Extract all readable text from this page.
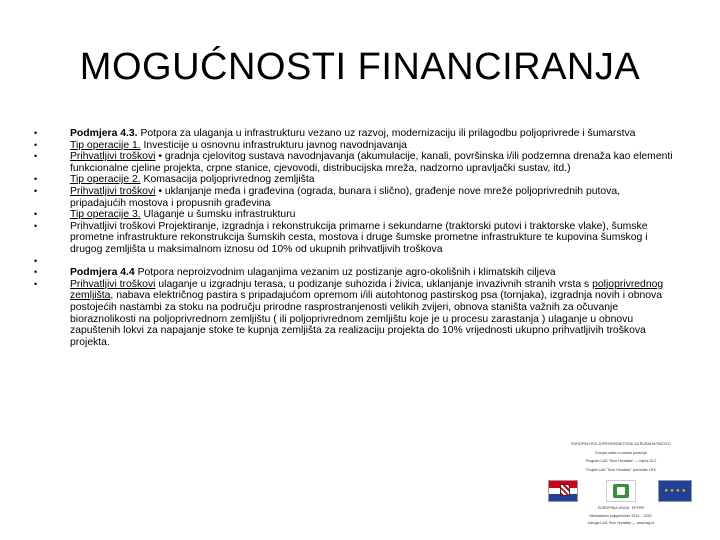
MOGUĆNOSTI FINANCIRANJA
•	Podmjera 4.3. Potpora za ulaganja u infrastrukturu vezano uz razvoj, modernizaciju ili prilagodbu poljoprivrede i šumarstva
•	Tip operacije 1. Investicije u osnovnu infrastrukturu javnog navodnjavanja
•	Prihvatljivi troškovi • gradnja cjelovitog sustava navodnjavanja (akumulacije, kanali, površinska i/ili podzemna drenaža kao elementi funkcionalne cjeline projekta, crpne stanice, cjevovodi, distribucijska mreža, nadzorno upravljački sustav, itd.)
•	Tip operacije 2. Komasacija poljoprivrednog zemljišta
•	Prihvatljivi troškovi • uklanjanje međa i građevina (ograda, bunara i slično), građenje nove mreže poljoprivrednih putova, pripadajućih mostova i propusnih građevina
•	Tip operacije 3. Ulaganje u šumsku infrastrukturu
•	Prihvatljivi troškovi Projektiranje, izgradnja i rekonstrukcija primarne i sekundarne (traktorski putovi i traktorske vlake), šumske prometne infrastrukture rekonstrukcija šumskih cesta, mostova i druge šumske prometne infrastrukture te kupovina šumskog i drugog zemljišta u maksimalnom iznosu od 10% od ukupnih prihvatljivih troškova
•
•	Podmjera 4.4 Potpora neproizvodnim ulaganjima vezanim uz postizanje agro-okolišnih i klimatskih ciljeva
•	Prihvatljivi troškovi ulaganje u izgradnju terasa, u podizanje suhozida i živica, uklanjanje invazivnih stranih vrsta s poljoprivrednog zemljišta, nabava električnog pastira s pripadajućom opremom i/ili autohtonog pastirskog psa (tornjaka), izgradnja novih i obnova postojećih nastambi za stoku na području prirodne rasprostranjenosti velikih zvijeri, obnova staništa važnih za očuvanje bioraznolikosti na poljoprivrednom zemljištu ( ili poljoprivrednom zemljištu koje je u procesu zarastanja ) ulaganje u obnovu zapuštenih lokvi za napajanje stoke te kupnja zemljišta za realizaciju projekta do 10% vrijednosti ukupno prihvatljivih troškova projekta.
EUROPSKI POLJOPRIVREDNI FOND ZA RURALNI RAZVOJ
Europa ulaže u ruralna područja
Program LAG "Srce Hrvatske" — mjera 19.2
Projekt LAG "Srce Hrvatske" provedbe LRS
★ ★ ★ ★
EUROPSKA UNIJA · EPFRR
Ministarstvo poljoprivrede 2014. - 2020.
Udruga LAG Srce Hrvatske — www.lag.hr
